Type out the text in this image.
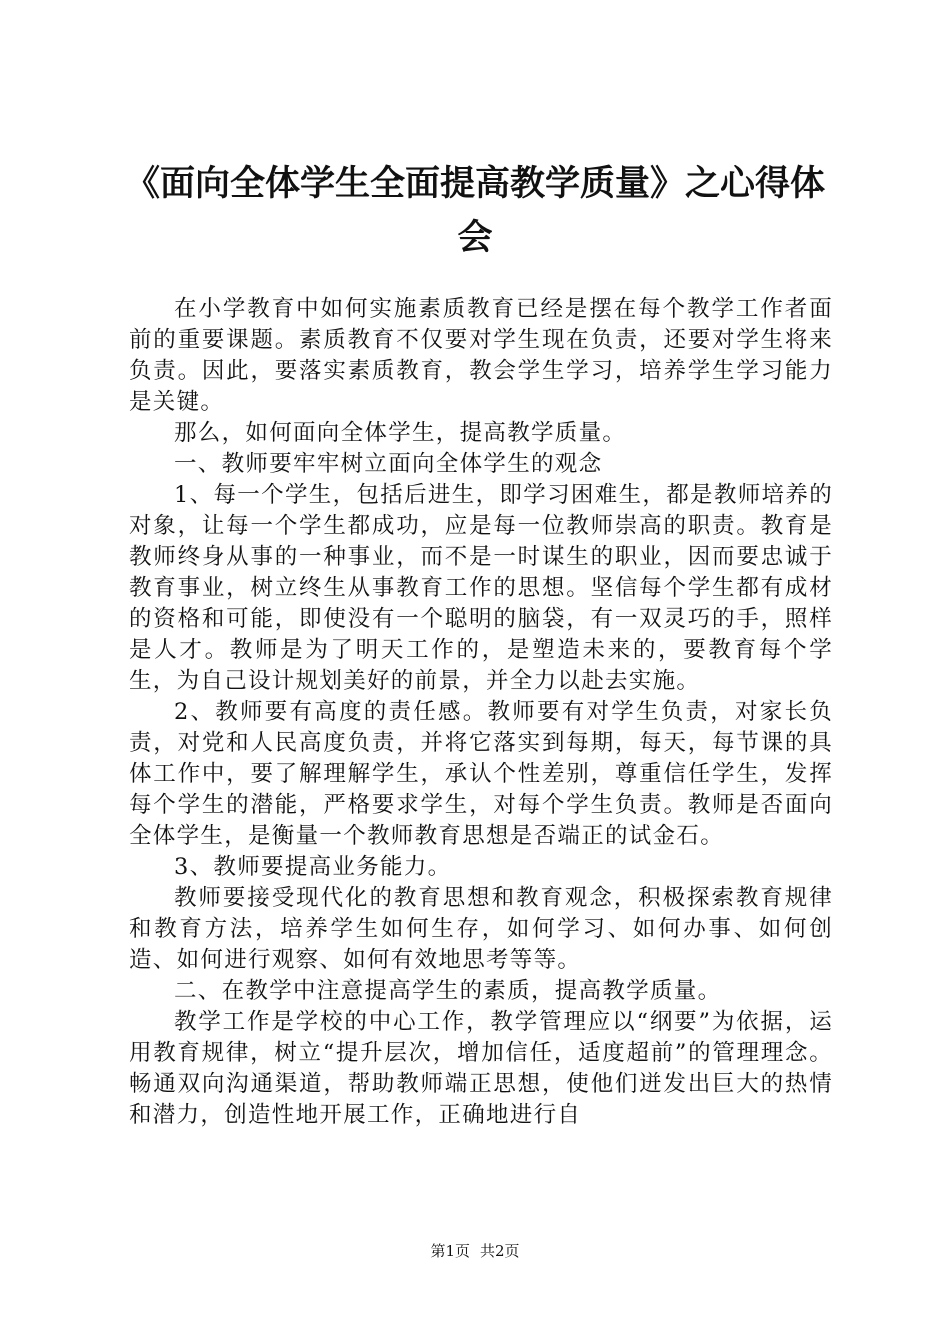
《面向全体学生全面提高教学质量》之心得体
会

在小学教育中如何实施素质教育已经是摆在每个教学工作者面前的重要课题。素质教育不仅要对学生现在负责，还要对学生将来负责。因此，要落实素质教育，教会学生学习，培养学生学习能力是关键。

那么，如何面向全体学生，提高教学质量。

一、教师要牢牢树立面向全体学生的观念

1、每一个学生，包括后进生，即学习困难生，都是教师培养的对象，让每一个学生都成功，应是每一位教师崇高的职责。教育是教师终身从事的一种事业，而不是一时谋生的职业，因而要忠诚于教育事业，树立终生从事教育工作的思想。坚信每个学生都有成材的资格和可能，即使没有一个聪明的脑袋，有一双灵巧的手，照样是人才。教师是为了明天工作的，是塑造未来的，要教育每个学生，为自己设计规划美好的前景，并全力以赴去实施。

2、教师要有高度的责任感。教师要有对学生负责，对家长负责，对党和人民高度负责，并将它落实到每期，每天，每节课的具体工作中，要了解理解学生，承认个性差别，尊重信任学生，发挥每个学生的潜能，严格要求学生，对每个学生负责。教师是否面向全体学生，是衡量一个教师教育思想是否端正的试金石。

3、教师要提高业务能力。

教师要接受现代化的教育思想和教育观念，积极探索教育规律和教育方法，培养学生如何生存，如何学习、如何办事、如何创造、如何进行观察、如何有效地思考等等。

二、在教学中注意提高学生的素质，提高教学质量。

教学工作是学校的中心工作，教学管理应以“纲要”为依据，运用教育规律，树立“提升层次，增加信任，适度超前”的管理理念。畅通双向沟通渠道，帮助教师端正思想，使他们迸发出巨大的热情和潜力，创造性地开展工作，正确地进行自

第1页 共2页
